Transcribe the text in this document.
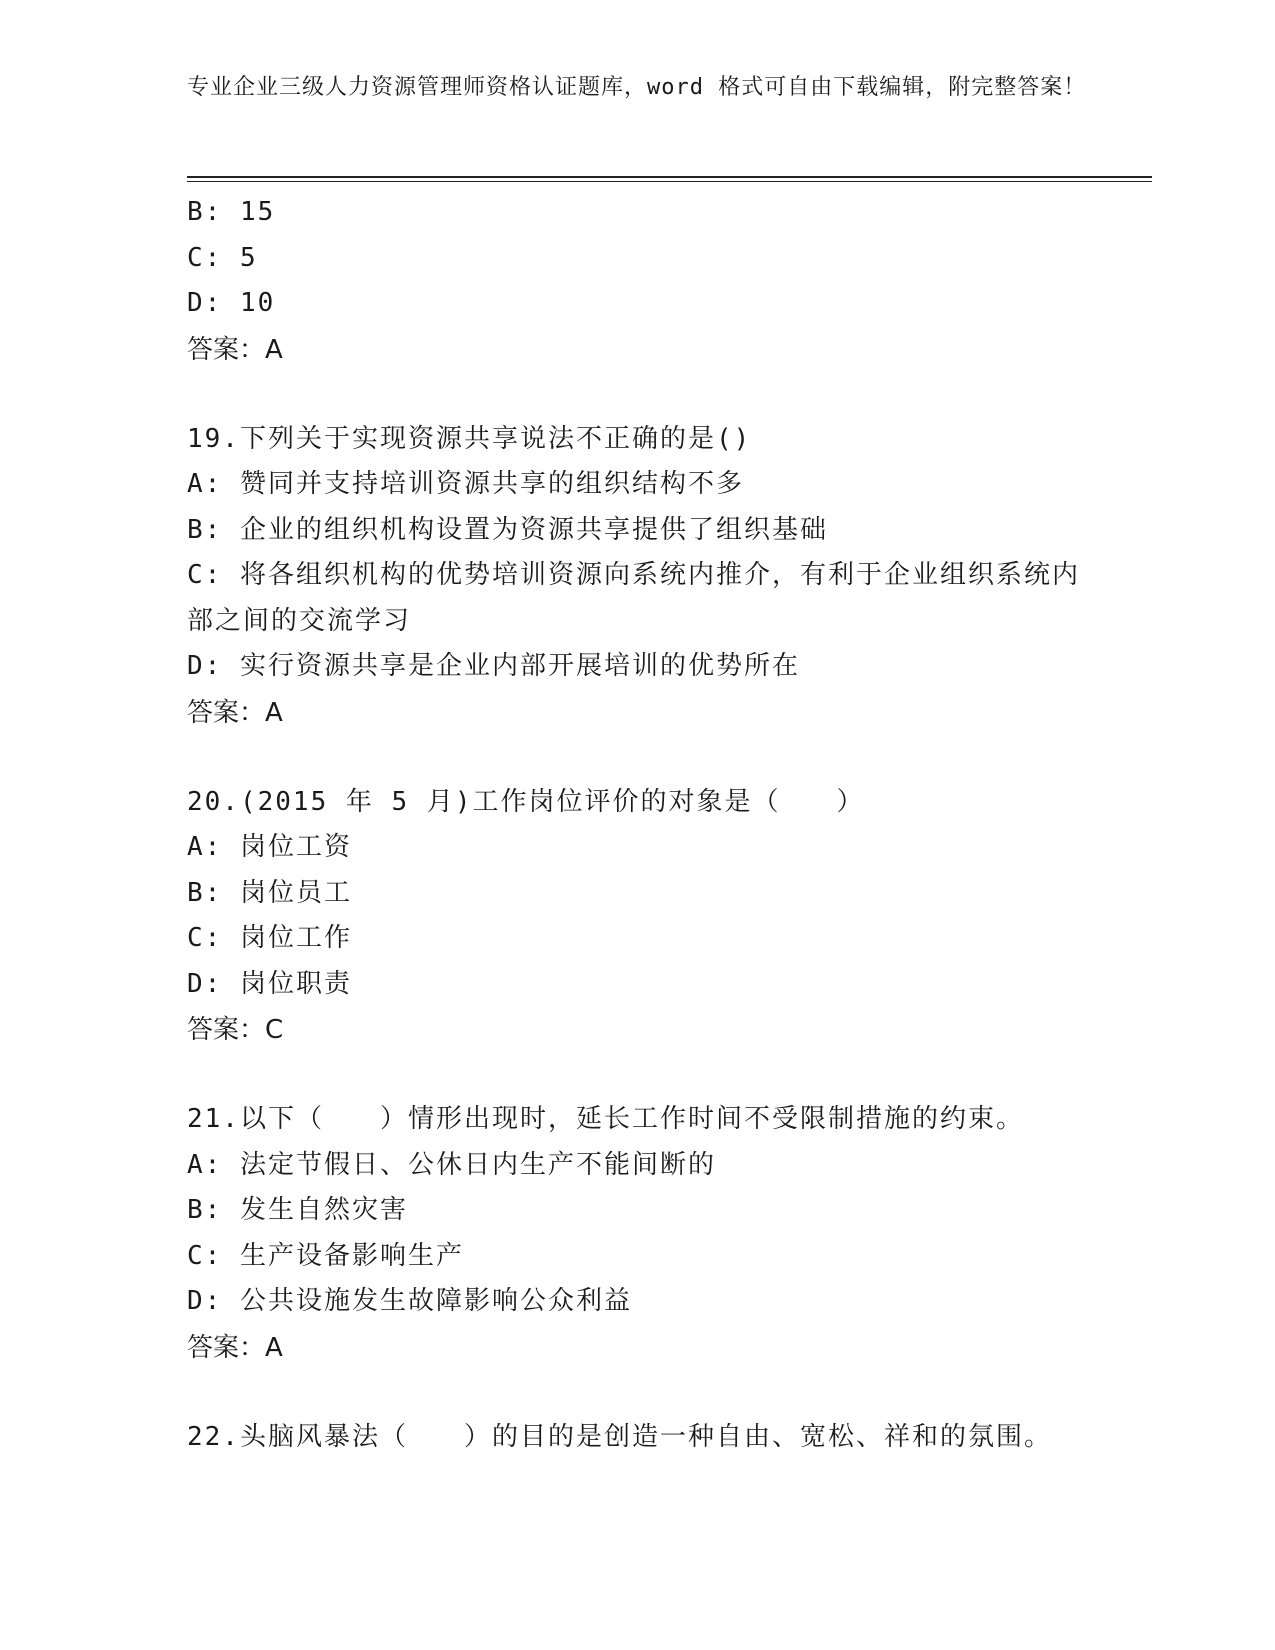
专业企业三级人力资源管理师资格认证题库，word 格式可自由下载编辑，附完整答案！
B: 15
C: 5
D: 10
答案：A
19.下列关于实现资源共享说法不正确的是()
A: 赞同并支持培训资源共享的组织结构不多
B: 企业的组织机构设置为资源共享提供了组织基础
C: 将各组织机构的优势培训资源向系统内推介，有利于企业组织系统内部之间的交流学习
D: 实行资源共享是企业内部开展培训的优势所在
答案：A
20.(2015 年 5 月)工作岗位评价的对象是（　　）
A: 岗位工资
B: 岗位员工
C: 岗位工作
D: 岗位职责
答案：C
21.以下（　　）情形出现时，延长工作时间不受限制措施的约束。
A: 法定节假日、公休日内生产不能间断的
B: 发生自然灾害
C: 生产设备影响生产
D: 公共设施发生故障影响公众利益
答案：A
22.头脑风暴法（　　）的目的是创造一种自由、宽松、祥和的氛围。
